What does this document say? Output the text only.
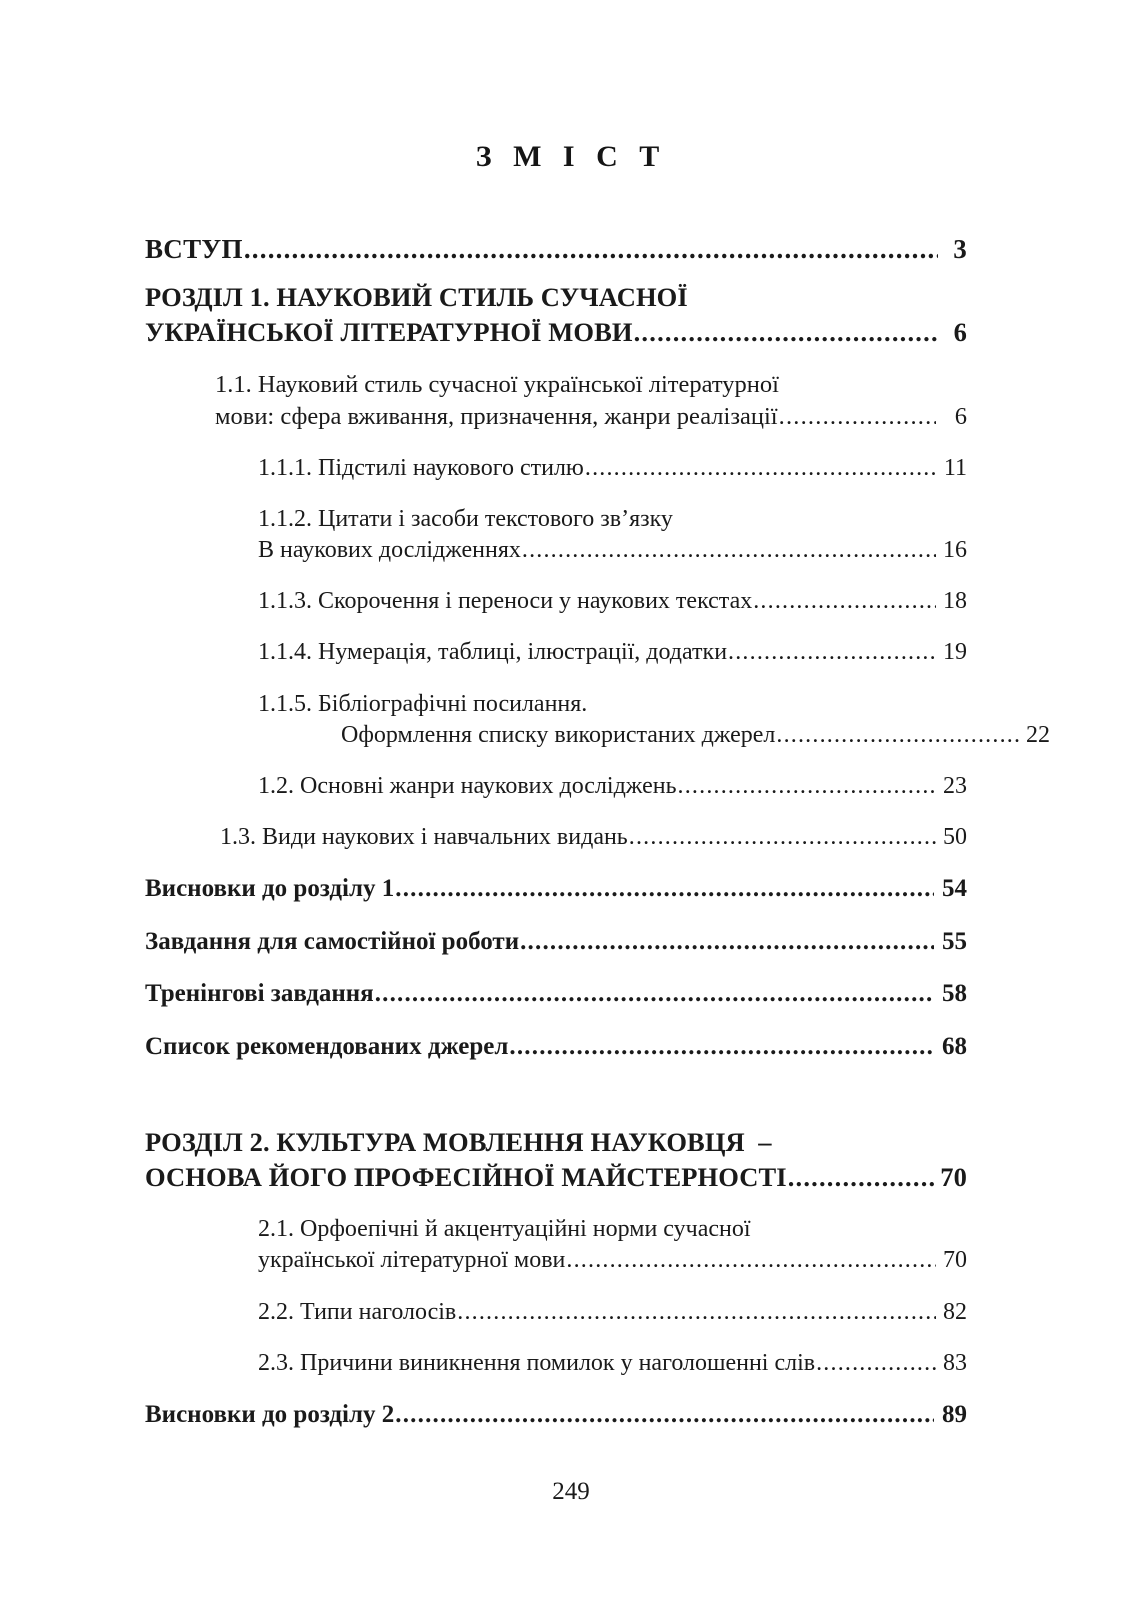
З М І С Т
ВСТУП .....	3
РОЗДІЛ 1. НАУКОВИЙ СТИЛЬ СУЧАСНОЇ
УКРАЇНСЬКОЇ ЛІТЕРАТУРНОЇ МОВИ .....	6
1.1. Науковий стиль сучасної української літературної
мови: сфера вживання, призначення, жанри реалізації .....	6
1.1.1. Підстилі наукового стилю .....	11
1.1.2. Цитати і засоби текстового зв’язку
В наукових дослідженнях .....	16
1.1.3. Скорочення і переноси у наукових текстах .....	18
1.1.4. Нумерація, таблиці, ілюстрації, додатки .....	19
1.1.5. Бібліографічні посилання.
Оформлення списку використаних джерел .....	22
1.2. Основні жанри наукових досліджень .....	23
1.3. Види наукових і навчальних видань .....	50
Висновки до розділу 1 .....	54
Завдання для самостійної роботи .....	55
Тренінгові завдання .....	58
Список рекомендованих джерел .....	68
РОЗДІЛ 2. КУЛЬТУРА МОВЛЕННЯ НАУКОВЦЯ  –
ОСНОВА ЙОГО ПРОФЕСІЙНОЇ МАЙСТЕРНОСТІ .....	70
2.1. Орфоепічні й акцентуаційні норми сучасної
української літературної мови .....	70
2.2. Типи наголосів .....	82
2.3. Причини виникнення помилок у наголошенні слів .....	83
Висновки до розділу 2 .....	89
249
